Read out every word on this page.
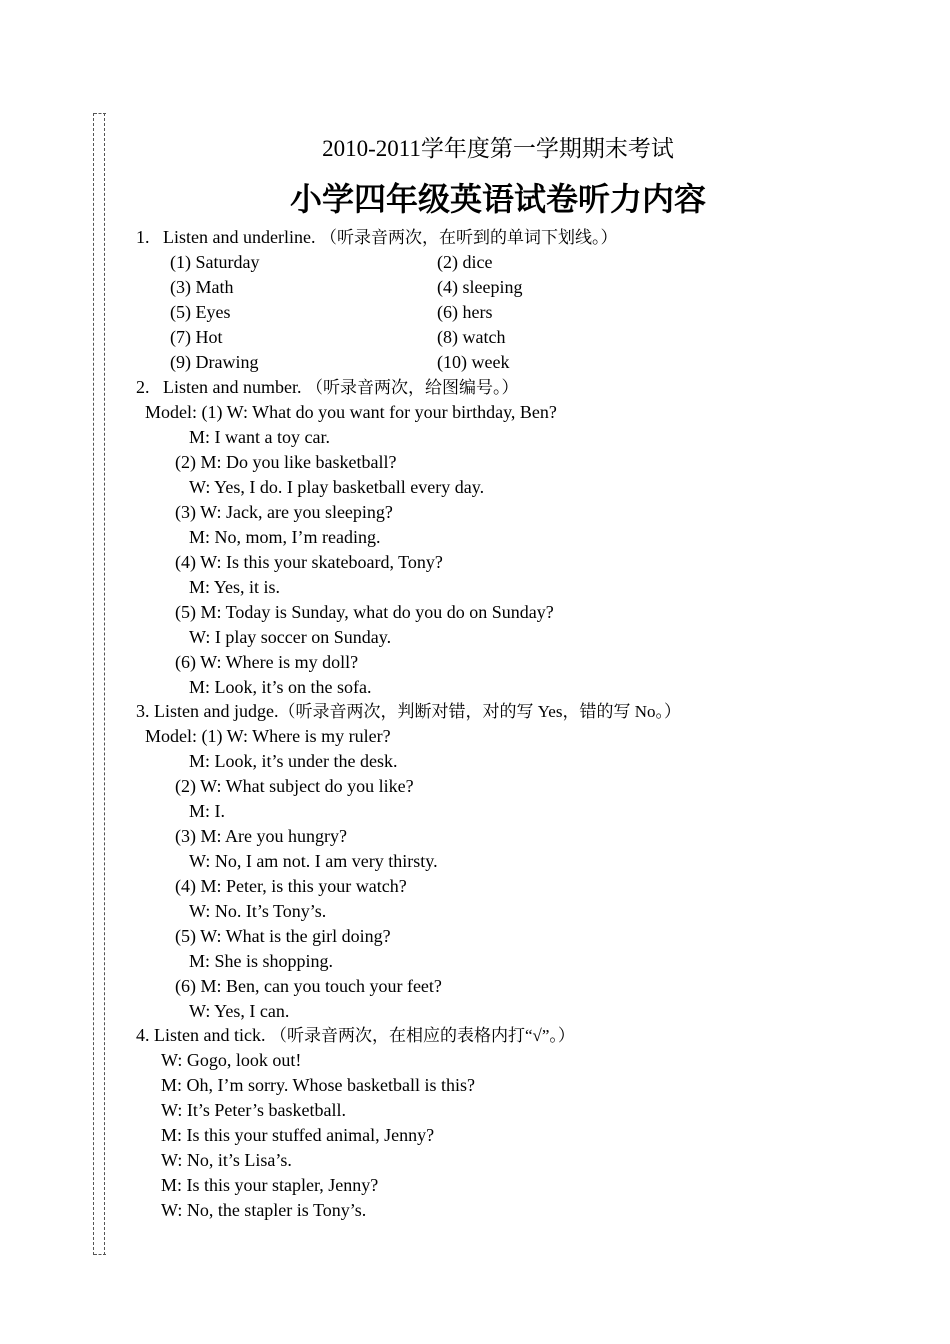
2010-2011学年度第一学期期末考试
小学四年级英语试卷听力内容
1.   Listen and underline. （听录音两次，在听到的单词下划线。）
(1) Saturday	(2) dice
(3) Math	(4) sleeping
(5) Eyes	(6) hers
(7) Hot	(8) watch
(9) Drawing	(10) week
2.   Listen and number. （听录音两次，给图编号。）
Model: (1) W: What do you want for your birthday, Ben?
M: I want a toy car.
(2) M: Do you like basketball?
W: Yes, I do. I play basketball every day.
(3) W: Jack, are you sleeping?
M: No, mom, I’m reading.
(4) W: Is this your skateboard, Tony?
M: Yes, it is.
(5) M: Today is Sunday, what do you do on Sunday?
W: I play soccer on Sunday.
(6) W: Where is my doll?
M: Look, it’s on the sofa.
3. Listen and judge.（听录音两次，判断对错，对的写 Yes，错的写 No。）
Model: (1) W: Where is my ruler?
M: Look, it’s under the desk.
(2) W: What subject do you like?
M: I.
(3) M: Are you hungry?
W: No, I am not. I am very thirsty.
(4) M: Peter, is this your watch?
W: No. It’s Tony’s.
(5) W: What is the girl doing?
M: She is shopping.
(6) M: Ben, can you touch your feet?
W: Yes, I can.
4. Listen and tick. （听录音两次，在相应的表格内打“√”。）
W: Gogo, look out!
M: Oh, I’m sorry. Whose basketball is this?
W: It’s Peter’s basketball.
M: Is this your stuffed animal, Jenny?
W: No, it’s Lisa’s.
M: Is this your stapler, Jenny?
W: No, the stapler is Tony’s.
